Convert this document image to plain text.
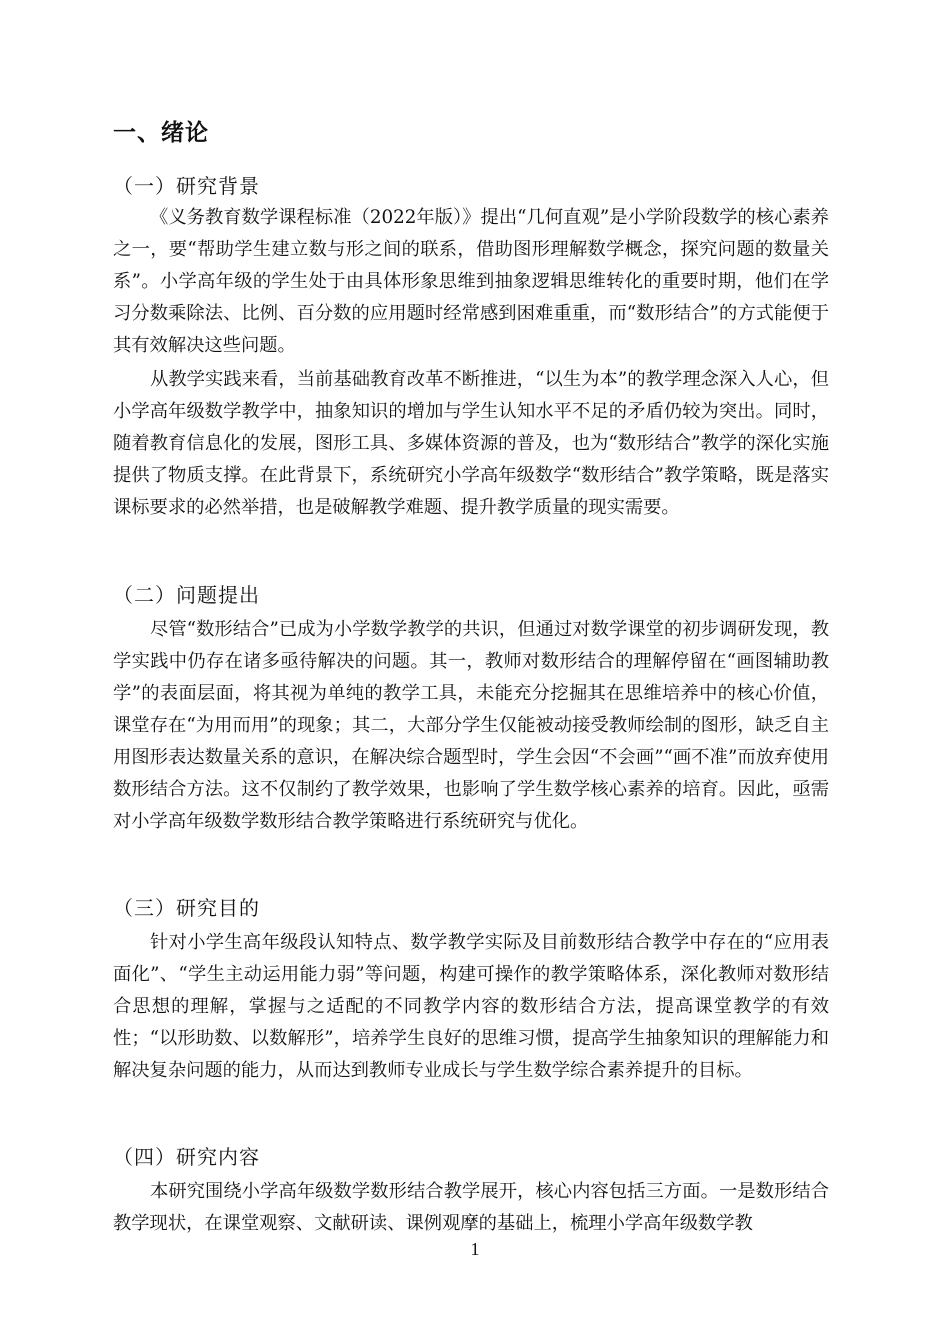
一、绪论
（一）研究背景

《义务教育数学课程标准（2022年版）》提出“几何直观”是小学阶段数学的核心素养之一，要“帮助学生建立数与形之间的联系，借助图形理解数学概念，探究问题的数量关系”。小学高年级的学生处于由具体形象思维到抽象逻辑思维转化的重要时期，他们在学习分数乘除法、比例、百分数的应用题时经常感到困难重重，而“数形结合”的方式能便于其有效解决这些问题。

从教学实践来看，当前基础教育改革不断推进，“以生为本”的教学理念深入人心，但小学高年级数学教学中，抽象知识的增加与学生认知水平不足的矛盾仍较为突出。同时，随着教育信息化的发展，图形工具、多媒体资源的普及，也为“数形结合”教学的深化实施提供了物质支撑。在此背景下，系统研究小学高年级数学“数形结合”教学策略，既是落实课标要求的必然举措，也是破解教学难题、提升教学质量的现实需要。

（二）问题提出

尽管“数形结合”已成为小学数学教学的共识，但通过对数学课堂的初步调研发现，教学实践中仍存在诸多亟待解决的问题。其一，教师对数形结合的理解停留在“画图辅助教学”的表面层面，将其视为单纯的教学工具，未能充分挖掘其在思维培养中的核心价值，课堂存在“为用而用”的现象；其二，大部分学生仅能被动接受教师绘制的图形，缺乏自主用图形表达数量关系的意识，在解决综合题型时，学生会因“不会画”“画不准”而放弃使用数形结合方法。这不仅制约了教学效果，也影响了学生数学核心素养的培育。因此，亟需对小学高年级数学数形结合教学策略进行系统研究与优化。

（三）研究目的

针对小学生高年级段认知特点、数学教学实际及目前数形结合教学中存在的“应用表面化”、“学生主动运用能力弱”等问题，构建可操作的教学策略体系，深化教师对数形结合思想的理解，掌握与之适配的不同教学内容的数形结合方法，提高课堂教学的有效性；“以形助数、以数解形”，培养学生良好的思维习惯，提高学生抽象知识的理解能力和解决复杂问题的能力，从而达到教师专业成长与学生数学综合素养提升的目标。

（四）研究内容

本研究围绕小学高年级数学数形结合教学展开，核心内容包括三方面。一是数形结合教学现状，在课堂观察、文献研读、课例观摩的基础上，梳理小学高年级数学教

1
